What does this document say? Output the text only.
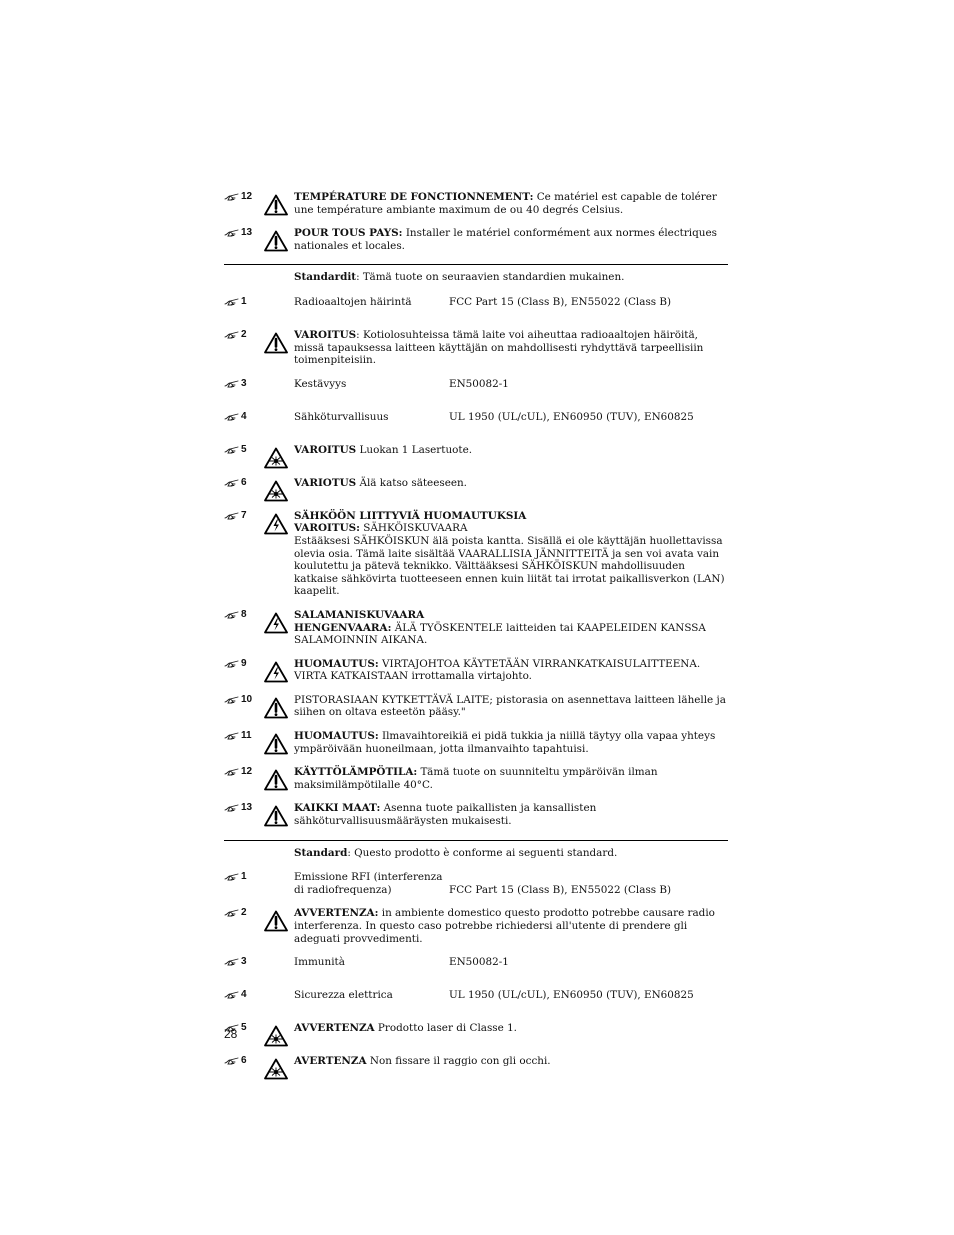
12	TEMPÉRATURE DE FONCTIONNEMENT: Ce matériel est capable de tolérer une température ambiante maximum de ou 40 degrés Celsius.
13	POUR TOUS PAYS: Installer le matériel conformément aux normes électriques nationales et locales.
Standardit: Tämä tuote on seuraavien standardien mukainen.
1	Radioaaltojen häirintä	FCC Part 15 (Class B), EN55022 (Class B)
2	VAROITUS: Kotiolosuhteissa tämä laite voi aiheuttaa radioaaltojen häiröitä, missä tapauksessa laitteen käyttäjän on mahdollisesti ryhdyttävä tarpeellisiin toimenpiteisiin.
3	Kestävyys	EN50082-1
4	Sähköturvallisuus	UL 1950 (UL/cUL), EN60950 (TUV), EN60825
5	VAROITUS Luokan 1 Lasertuote.
6	VARIOTUS Älä katso säteeseen.
7	SÄHKÖÖN LIITTYVIÄ HUOMAUTUKSIA
VAROITUS: SÄHKÖISKUVAARA
Estääksesi SÄHKÖISKUN älä poista kantta. Sisällä ei ole käyttäjän huollettavissa olevia osia. Tämä laite sisältää VAARALLISIA JÄNNITTEITÄ ja sen voi avata vain koulutettu ja pätevä teknikko. Välttääksesi SÄHKÖISKUN mahdollisuuden katkaise sähkövirta tuotteeseen ennen kuin liität tai irrotat paikallisverkon (LAN) kaapelit.
8	SALAMANISKUVAARA
HENGENVAARA: ÄLÄ TYÖSKENTELE laitteiden tai KAAPELEIDEN KANSSA SALAMOINNIN AIKANA.
9	HUOMAUTUS: VIRTAJOHTOA KÄYTETÄÄN VIRRANKATKAISULAITTEENA. VIRTA KATKAISTAAN irrottamalla virtajohto.
10	PISTORASIAAN KYTKETTÄVÄ LAITE; pistorasia on asennettava laitteen lähelle ja siihen on oltava esteetön pääsy."
11	HUOMAUTUS: Ilmavaihtoreikiä ei pidä tukkia ja niillä täytyy olla vapaa yhteys ympäröivään huoneilmaan, jotta ilmanvaihto tapahtuisi.
12	KÄYTTÖLÄMPÖTILA: Tämä tuote on suunniteltu ympäröivän ilman maksimilämpötilalle 40°C.
13	KAIKKI MAAT: Asenna tuote paikallisten ja kansallisten sähköturvallisuusmääräysten mukaisesti.
Standard: Questo prodotto è conforme ai seguenti standard.
1	Emissione RFI (interferenza di radiofrequenza)	FCC Part 15 (Class B), EN55022 (Class B)
2	AVVERTENZA: in ambiente domestico questo prodotto potrebbe causare radio interferenza. In questo caso potrebbe richiedersi all'utente di prendere gli adeguati provvedimenti.
3	Immunità	EN50082-1
4	Sicurezza elettrica	UL 1950 (UL/cUL), EN60950 (TUV), EN60825
5	AVVERTENZA Prodotto laser di Classe 1.
6	AVERTENZA Non fissare il raggio con gli occhi.
28
